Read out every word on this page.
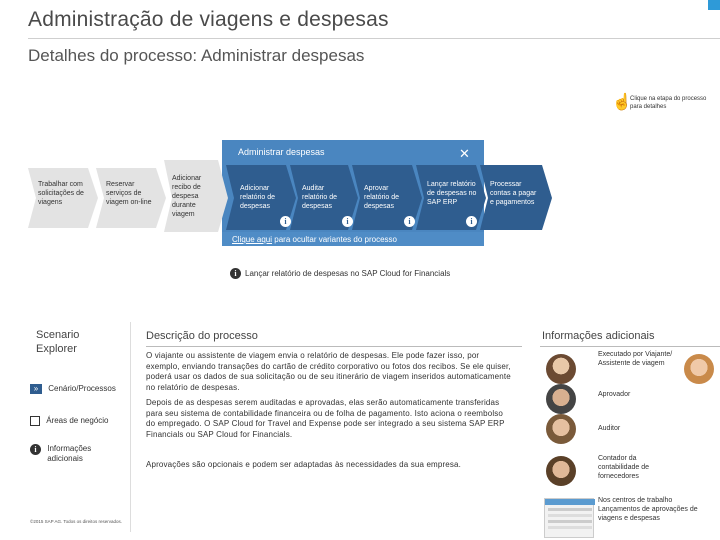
Administração de viagens e despesas
Detalhes do processo: Administrar despesas
☝
Clique na etapa do processo para detalhes
Administrar despesas	✕
Trabalhar com solicitações de viagens
Reservar serviços de viagem on-line
Adicionar recibo de despesa durante viagem
Adicionar relatório de despesas
Auditar relatório de despesas
Aprovar relatório de despesas
Lançar relatório de despesas no SAP ERP
Processar contas a pagar e pagamentos
i	i	i	i
Clique aqui para ocultar variantes do processo
i	Lançar relatório de despesas no SAP Cloud for Financials
Scenario Explorer
» Cenário/Processos
Áreas de negócio
i Informações adicionais
©2015 SAP AG. Todos os direitos reservados.
Descrição do processo
O viajante ou assistente de viagem envia o relatório de despesas. Ele pode fazer isso, por exemplo, enviando transações do cartão de crédito corporativo ou fotos dos recibos. Se ele quiser, poderá usar os dados de sua solicitação ou de seu itinerário de viagem inseridos automaticamente no relatório de despesas.
Depois de as despesas serem auditadas e aprovadas, elas serão automaticamente transferidas para seu sistema de contabilidade financeira ou de folha de pagamento. Isto aciona o reembolso do empregado. O SAP Cloud for Travel and Expense pode ser integrado a seu sistema SAP ERP Financials ou SAP Cloud for Financials.
Aprovações são opcionais e podem ser adaptadas às necessidades da sua empresa.
Informações adicionais
Executado por Viajante/ Assistente de viagem
Aprovador
Auditor
Contador da contabilidade de fornecedores
Nos centros de trabalho Lançamentos de aprovações de viagens e despesas
